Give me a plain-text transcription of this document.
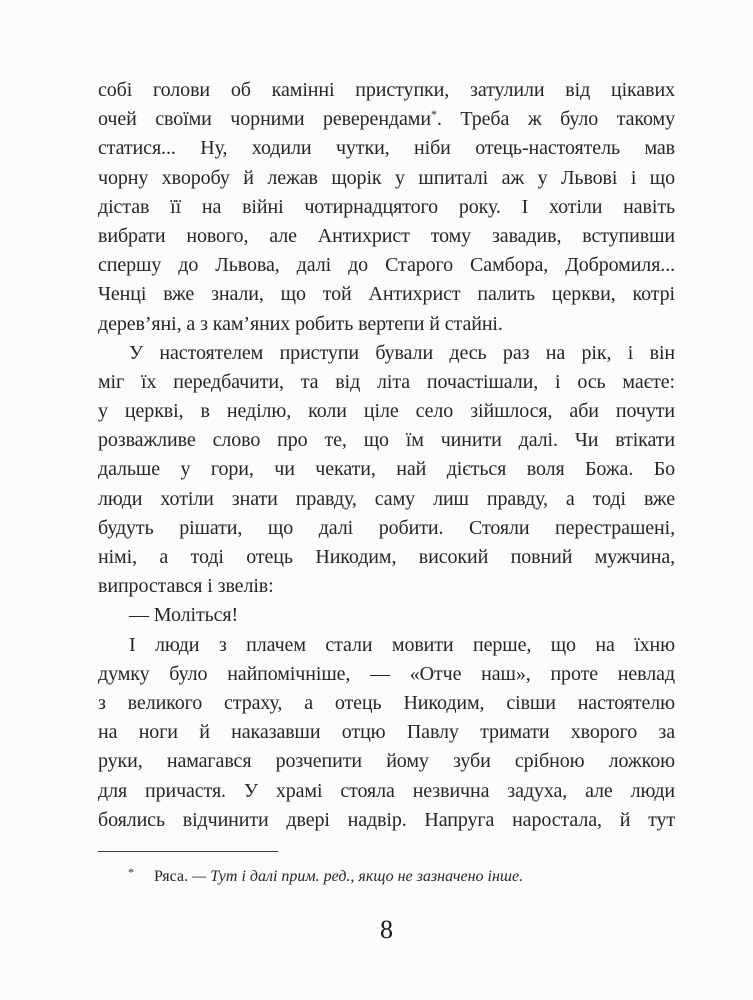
собі голови об камінні приступки, затулили від цікавих
очей своїми чорними реверендами*. Треба ж було такому
статися... Ну, ходили чутки, ніби отець-настоятель мав
чорну хворобу й лежав щорік у шпиталі аж у Львові і що
дістав її на війні чотирнадцятого року. І хотіли навіть
вибрати нового, але Антихрист тому завадив, вступивши
спершу до Львова, далі до Старого Самбора, Добромиля...
Ченці вже знали, що той Антихрист палить церкви, котрі
дерев’яні, а з кам’яних робить вертепи й стайні.
У настоятелем приступи бували десь раз на рік, і він
міг їх передбачити, та від літа почастішали, і ось маєте:
у церкві, в неділю, коли ціле село зійшлося, аби почути
розважливе слово про те, що їм чинити далі. Чи втікати
дальше у гори, чи чекати, най діється воля Божа. Бо
люди хотіли знати правду, саму лиш правду, а тоді вже
будуть рішати, що далі робити. Стояли перестрашені,
німі, а тоді отець Никодим, високий повний мужчина,
випростався і звелів:
— Моліться!
І люди з плачем стали мовити перше, що на їхню
думку було найпомічніше, — «Отче наш», проте невлад
з великого страху, а отець Никодим, сівши настоятелю
на ноги й наказавши отцю Павлу тримати хворого за
руки, намагався розчепити йому зуби срібною ложкою
для причастя. У храмі стояла незвична задуха, але люди
боялись відчинити двері надвір. Напруга наростала, й тут
* Ряса. — Тут і далі прим. ред., якщо не зазначено інше.
8
